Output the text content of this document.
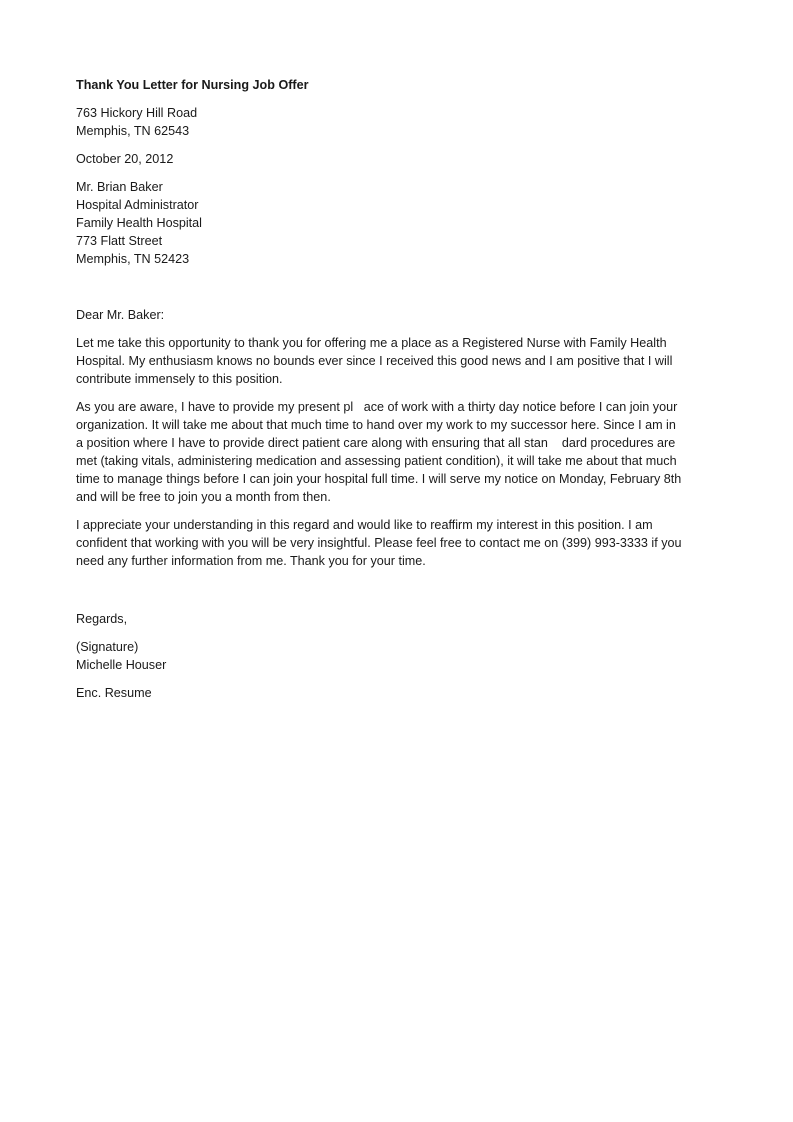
Thank You Letter for Nursing Job Offer
763 Hickory Hill Road
Memphis, TN 62543
October 20, 2012
Mr. Brian Baker
Hospital Administrator
Family Health Hospital
773 Flatt Street
Memphis, TN 52423
Dear Mr. Baker:
Let me take this opportunity to thank you for offering me a place as a Registered Nurse with Family Health
Hospital. My enthusiasm knows no bounds ever since I received this good news and I am positive that I will
contribute immensely to this position.
As you are aware, I have to provide my present pl   ace of work with a thirty day notice before I can join your
organization. It will take me about that much time to hand over my work to my successor here. Since I am in
a position where I have to provide direct patient care along with ensuring that all stan    dard procedures are
met (taking vitals, administering medication and assessing patient condition), it will take me about that much
time to manage things before I can join your hospital full time. I will serve my notice on Monday, February 8th
and will be free to join you a month from then.
I appreciate your understanding in this regard and would like to reaffirm my interest in this position. I am
confident that working with you will be very insightful. Please feel free to contact me on (399) 993-3333 if you
need any further information from me. Thank you for your time.
Regards,
(Signature)
Michelle Houser
Enc. Resume
